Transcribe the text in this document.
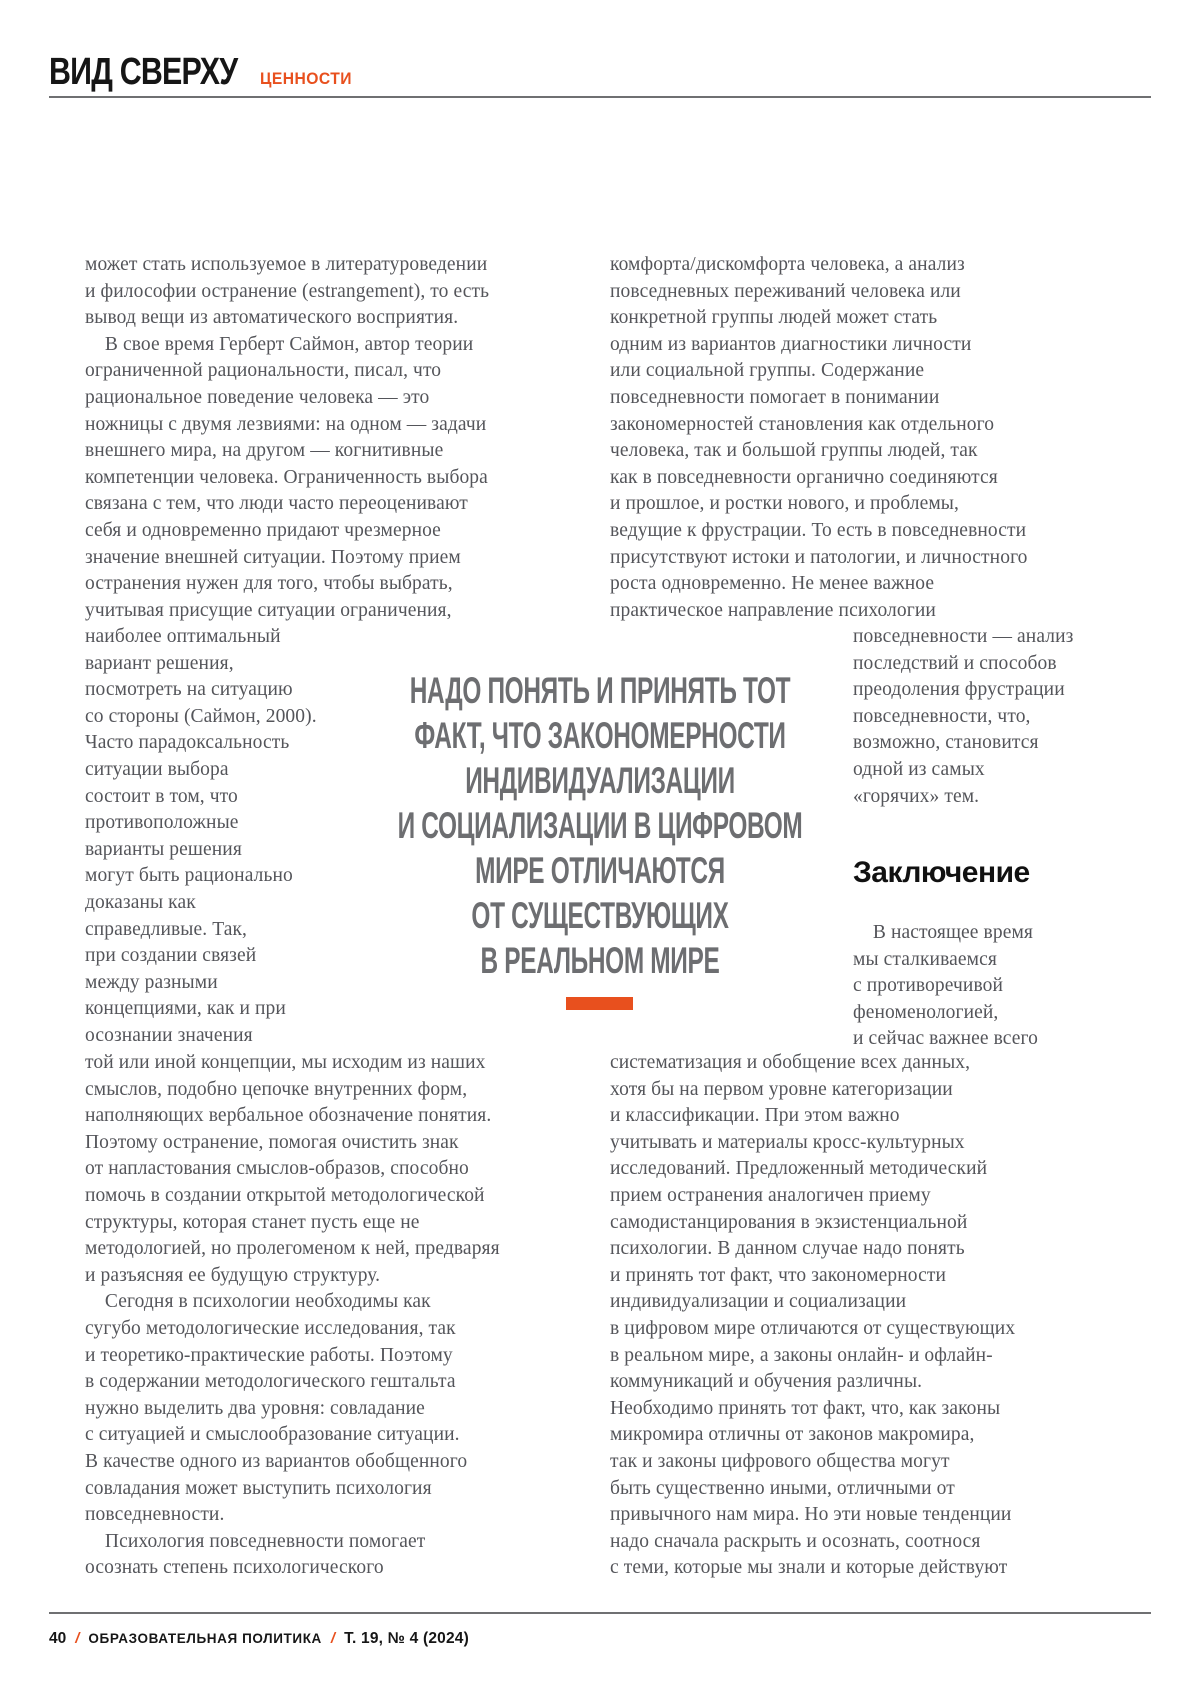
ВИД СВЕРХУ ЦЕННОСТИ
может стать используемое в литературоведении
и философии остранение (estrangement), то есть
вывод вещи из автоматического восприятия.
В свое время Герберт Саймон, автор теории
ограниченной рациональности, писал, что
рациональное поведение человека — это
ножницы с двумя лезвиями: на одном — задачи
внешнего мира, на другом — когнитивные
компетенции человека. Ограниченность выбора
связана с тем, что люди часто переоценивают
себя и одновременно придают чрезмерное
значение внешней ситуации. Поэтому прием
остранения нужен для того, чтобы выбрать,
учитывая присущие ситуации ограничения,
наиболее оптимальный
вариант решения,
посмотреть на ситуацию
со стороны (Саймон, 2000).
Часто парадоксальность
ситуации выбора
состоит в том, что
противоположные
варианты решения
могут быть рационально
доказаны как
справедливые. Так,
при создании связей
между разными
концепциями, как и при
осознании значения
той или иной концепции, мы исходим из наших
смыслов, подобно цепочке внутренних форм,
наполняющих вербальное обозначение понятия.
Поэтому остранение, помогая очистить знак
от напластования смыслов-образов, способно
помочь в создании открытой методологической
структуры, которая станет пусть еще не
методологией, но пролегоменом к ней, предваряя
и разъясняя ее будущую структуру.
Сегодня в психологии необходимы как
сугубо методологические исследования, так
и теоретико-практические работы. Поэтому
в содержании методологического гештальта
нужно выделить два уровня: совладание
с ситуацией и смыслообразование ситуации.
В качестве одного из вариантов обобщенного
совладания может выступить психология
повседневности.
Психология повседневности помогает
осознать степень психологического
комфорта/дискомфорта человека, а анализ
повседневных переживаний человека или
конкретной группы людей может стать
одним из вариантов диагностики личности
или социальной группы. Содержание
повседневности помогает в понимании
закономерностей становления как отдельного
человека, так и большой группы людей, так
как в повседневности органично соединяются
и прошлое, и ростки нового, и проблемы,
ведущие к фрустрации. То есть в повседневности
присутствуют истоки и патологии, и личностного
роста одновременно. Не менее важное
практическое направление психологии
повседневности — анализ
последствий и способов
преодоления фрустрации
повседневности, что,
возможно, становится
одной из самых
«горячих» тем.
Заключение
В настоящее время
мы сталкиваемся
с противоречивой
феноменологией,
и сейчас важнее всего
систематизация и обобщение всех данных,
хотя бы на первом уровне категоризации
и классификации. При этом важно
учитывать и материалы кросс-культурных
исследований. Предложенный методический
прием остранения аналогичен приему
самодистанцирования в экзистенциальной
психологии. В данном случае надо понять
и принять тот факт, что закономерности
индивидуализации и социализации
в цифровом мире отличаются от существующих
в реальном мире, а законы онлайн- и офлайн-
коммуникаций и обучения различны.
Необходимо принять тот факт, что, как законы
микромира отличны от законов макромира,
так и законы цифрового общества могут
быть существенно иными, отличными от
привычного нам мира. Но эти новые тенденции
надо сначала раскрыть и осознать, соотнося
с теми, которые мы знали и которые действуют
НАДО ПОНЯТЬ И ПРИНЯТЬ ТОТ
ФАКТ, ЧТО ЗАКОНОМЕРНОСТИ
ИНДИВИДУАЛИЗАЦИИ
И СОЦИАЛИЗАЦИИ В ЦИФРОВОМ
МИРЕ ОТЛИЧАЮТСЯ
ОТ СУЩЕСТВУЮЩИХ
В РЕАЛЬНОМ МИРЕ
40 / ОБРАЗОВАТЕЛЬНАЯ ПОЛИТИКА / Т. 19, № 4 (2024)
